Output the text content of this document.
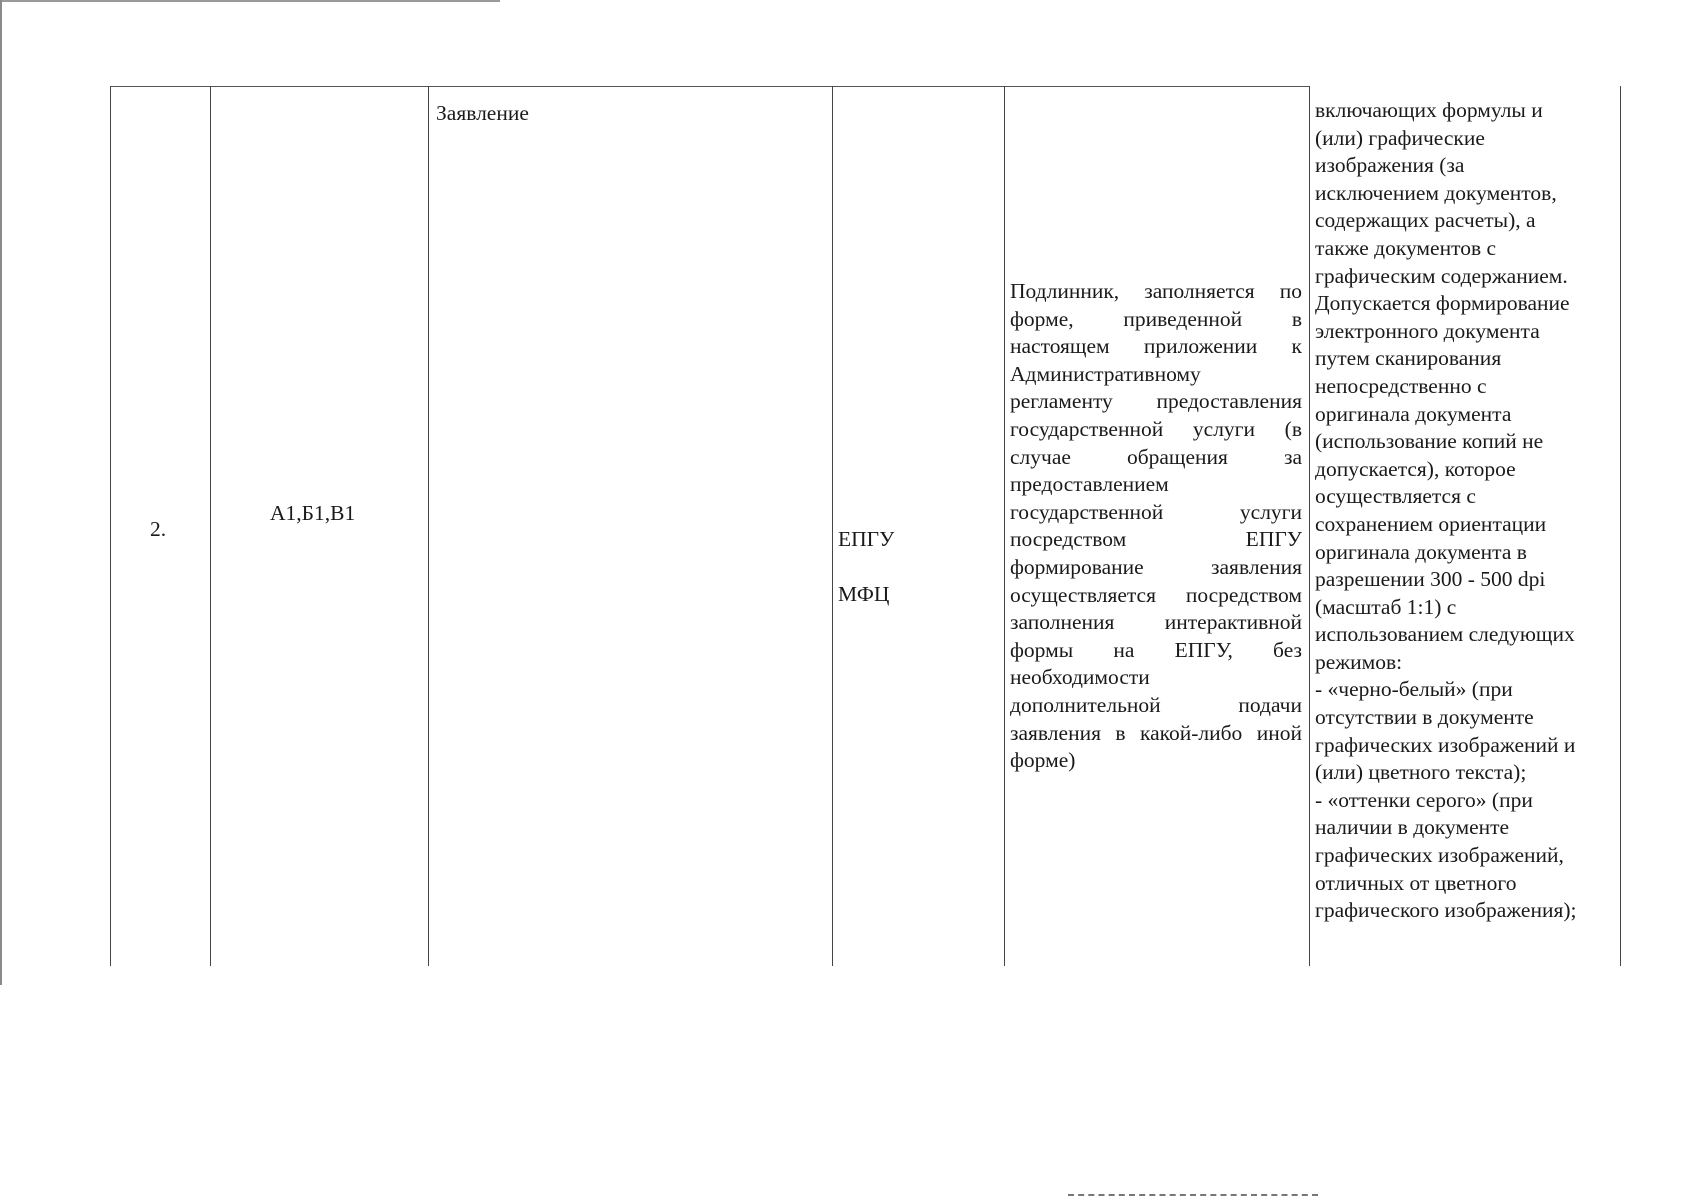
2.
А1,Б1,В1
Заявление

ЕПГУ

МФЦ

Подлинник, заполняется по форме, приведенной в настоящем приложении к Административному регламенту предоставления государственной услуги (в случае обращения за предоставлением государственной услуги посредством ЕПГУ формирование заявления осуществляется посредством заполнения интерактивной формы на ЕПГУ, без необходимости дополнительной подачи заявления в какой-либо иной форме)
включающих формулы и
(или) графические
изображения (за
исключением документов,
содержащих расчеты), а
также документов с
графическим содержанием.
Допускается формирование
электронного документа
путем сканирования
непосредственно с
оригинала документа
(использование копий не
допускается), которое
осуществляется с
сохранением ориентации
оригинала документа в
разрешении 300 - 500 dpi
(масштаб 1:1) с
использованием следующих
режимов:
- «черно-белый» (при
отсутствии в документе
графических изображений и
(или) цветного текста);
- «оттенки серого» (при
наличии в документе
графических изображений,
отличных от цветного
графического изображения);
